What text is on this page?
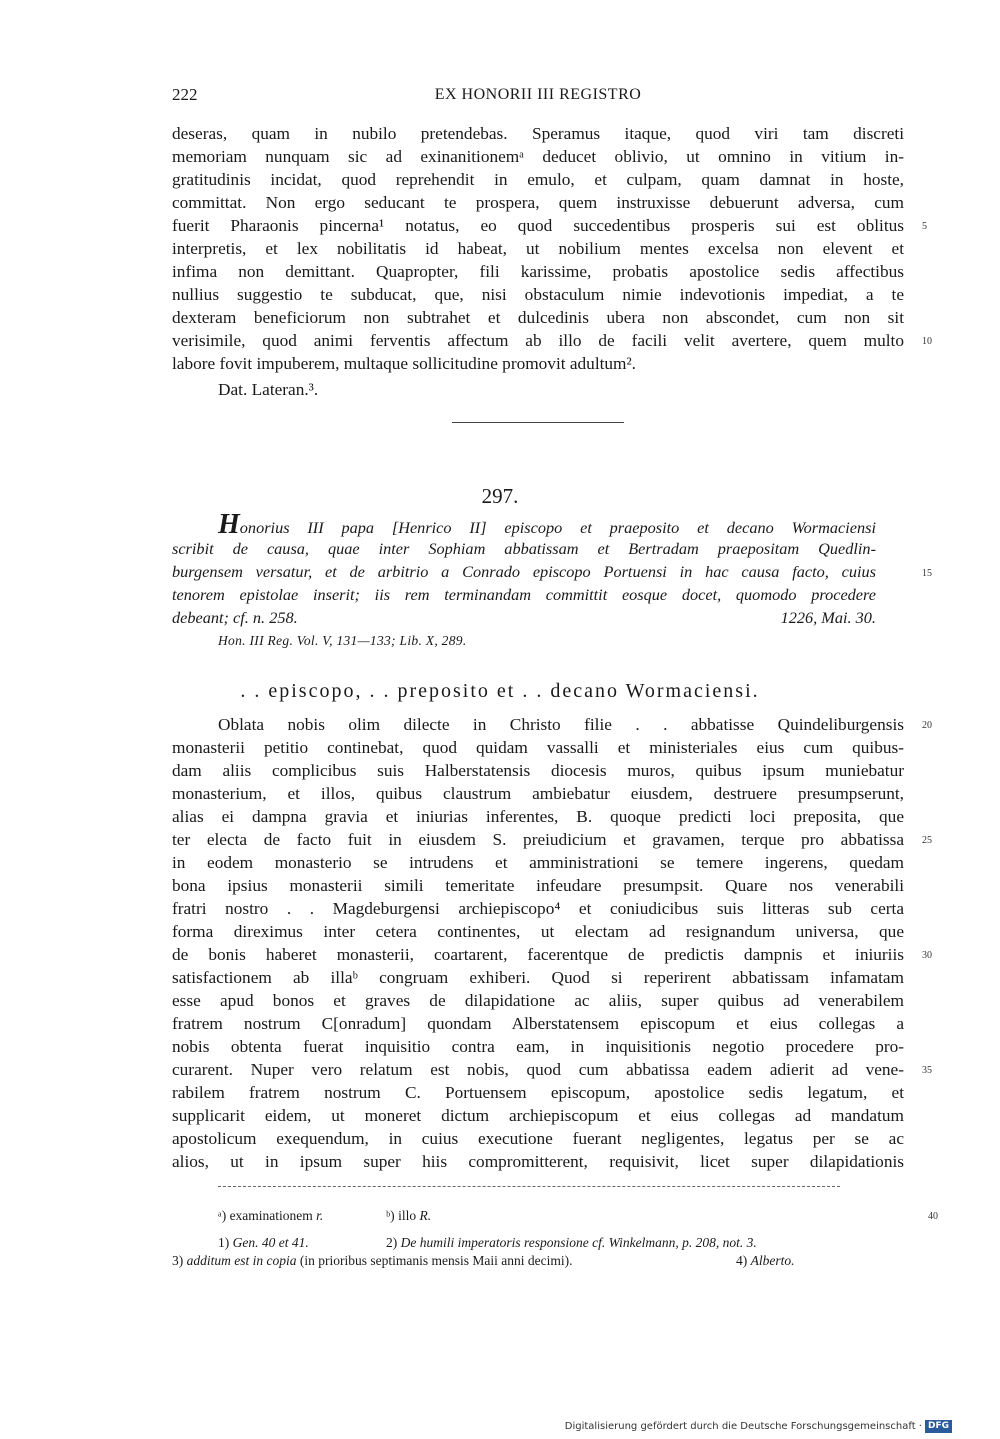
222	EX HONORII III REGISTRO
deseras, quam in nubilo pretendebas. Speramus itaque, quod viri tam discreti
memoriam nunquam sic ad exinanitionemᵃ deducet oblivio, ut omnino in vitium in-
gratitudinis incidat, quod reprehendit in emulo, et culpam, quam damnat in hoste,
committat. Non ergo seducant te prospera, quem instruxisse debuerunt adversa, cum
fuerit Pharaonis pincerna¹ notatus, eo quod succedentibus prosperis sui est oblitus
interpretis, et lex nobilitatis id habeat, ut nobilium mentes excelsa non elevent et
infima non demittant. Quapropter, fili karissime, probatis apostolice sedis affectibus
nullius suggestio te subducat, que, nisi obstaculum nimie indevotionis impediat, a te
dexteram beneficiorum non subtrahet et dulcedinis ubera non abscondet, cum non sit
verisimile, quod animi ferventis affectum ab illo de facili velit avertere, quem multo
labore fovit impuberem, multaque sollicitudine promovit adultum².
Dat. Lateran.³.
5
10
297.
Honorius III papa [Henrico II] episcopo et praeposito et decano Wormaciensi
scribit de causa, quae inter Sophiam abbatissam et Bertradam praepositam Quedlin-
burgensem versatur, et de arbitrio a Conrado episcopo Portuensi in hac causa facto, cuius
tenorem epistolae inserit; iis rem terminandam committit eosque docet, quomodo procedere
debeant; cf. n. 258.	1226, Mai. 30.
15
Hon. III Reg. Vol. V, 131—133; Lib. X, 289.
. . episcopo, . . preposito et . . decano Wormaciensi.
Oblata nobis olim dilecte in Christo filie . . abbatisse Quindeliburgensis
monasterii petitio continebat, quod quidam vassalli et ministeriales eius cum quibus-
dam aliis complicibus suis Halberstatensis diocesis muros, quibus ipsum muniebatur
monasterium, et illos, quibus claustrum ambiebatur eiusdem, destruere presumpserunt,
alias ei dampna gravia et iniurias inferentes, B. quoque predicti loci preposita, que
ter electa de facto fuit in eiusdem S. preiudicium et gravamen, terque pro abbatissa
in eodem monasterio se intrudens et amministrationi se temere ingerens, quedam
bona ipsius monasterii simili temeritate infeudare presumpsit. Quare nos venerabili
fratri nostro . . Magdeburgensi archiepiscopo⁴ et coniudicibus suis litteras sub certa
forma direximus inter cetera continentes, ut electam ad resignandum universa, que
de bonis haberet monasterii, coartarent, facerentque de predictis dampnis et iniuriis
satisfactionem ab illaᵇ congruam exhiberi. Quod si reperirent abbatissam infamatam
esse apud bonos et graves de dilapidatione ac aliis, super quibus ad venerabilem
fratrem nostrum C[onradum] quondam Alberstatensem episcopum et eius collegas a
nobis obtenta fuerat inquisitio contra eam, in inquisitionis negotio procedere pro-
curarent. Nuper vero relatum est nobis, quod cum abbatissa eadem adierit ad vene-
rabilem fratrem nostrum C. Portuensem episcopum, apostolice sedis legatum, et
supplicarit eidem, ut moneret dictum archiepiscopum et eius collegas ad mandatum
apostolicum exequendum, in cuius executione fuerant negligentes, legatus per se ac
alios, ut in ipsum super hiis compromitterent, requisivit, licet super dilapidationis
20
25
30
35
ᵃ) examinationem r.	ᵇ) illo R.	40
1) Gen. 40 et 41.	2) De humili imperatoris responsione cf. Winkelmann, p. 208, not. 3.
3) additum est in copia (in prioribus septimanis mensis Maii anni decimi).	4) Alberto.
Digitalisierung gefördert durch die Deutsche Forschungsgemeinschaft · DFG
